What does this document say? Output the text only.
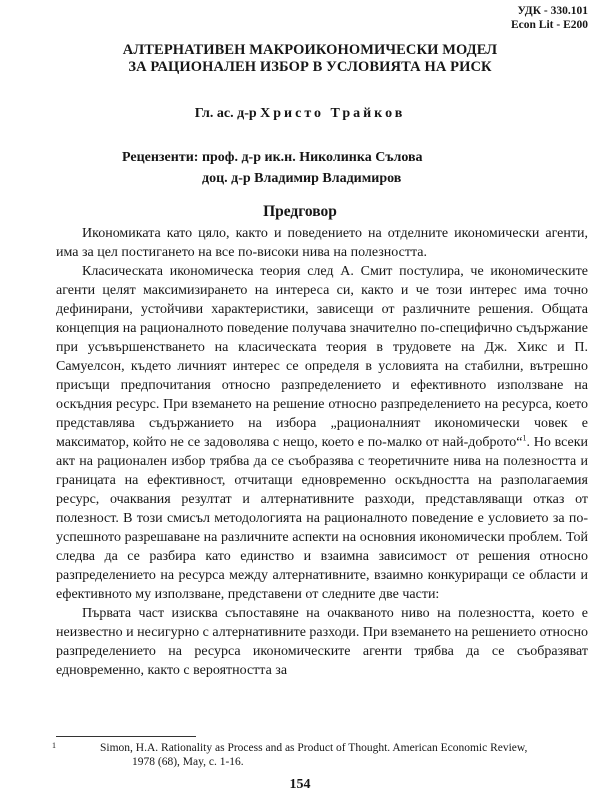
УДК - 330.101
Econ Lit - E200
АЛТЕРНАТИВЕН МАКРОИКОНОМИЧЕСКИ МОДЕЛ
ЗА РАЦИОНАЛЕН ИЗБОР В УСЛОВИЯТА НА РИСК
Гл. ас. д-р Христо Трайков
Рецензенти: проф. д-р ик.н. Николинка Сълова
доц. д-р Владимир Владимиров
Предговор

Икономиката като цяло, както и поведението на отделните икономически агенти, има за цел постигането на все по-високи нива на полезността.

Класическата икономическа теория след А. Смит постулира, че икономическите агенти целят максимизирането на интереса си, както и че този интерес има точно дефинирани, устойчиви характеристики, зависещи от различните решения. Общата концепция на рационалното поведение получава значително по-специфично съдържание при усъвършенстването на класическата теория в трудовете на Дж. Хикс и П. Самуелсон, където личният интерес се определя в условията на стабилни, вътрешно присъщи предпочитания относно разпределението и ефективното използване на оскъдния ресурс. При вземането на решение относно разпределението на ресурса, което представлява съдържанието на избора „рационалният икономически човек е максиматор, който не се задоволява с нещо, което е по-малко от най-доброто“$^1$. Но всеки акт на рационален избор трябва да се съобразява с теоретичните нива на полезността и границата на ефективност, отчитащи едновременно оскъдността на разполагаемия ресурс, очаквания резултат и алтернативните разходи, представляващи отказ от полезност. В този смисъл методологията на рационалното поведение е условието за по-успешното разрешаване на различните аспекти на основния икономически проблем. Той следва да се разбира като единство и взаимна зависимост от решения относно разпределението на ресурса между алтернативните, взаимно конкуриращи се области и ефективното му използване, представени от следните две части:

Първата част изисква съпоставяне на очакваното ниво на полезността, което е неизвестно и несигурно с алтернативните разходи. При вземането на решението относно разпределението на ресурса икономическите агенти трябва да се съобразяват едновременно, както с вероятността за

1	Simon, H.A. Rationality as Process and as Product of Thought. American Economic Review,
1978 (68), May, c. 1-16.
154
